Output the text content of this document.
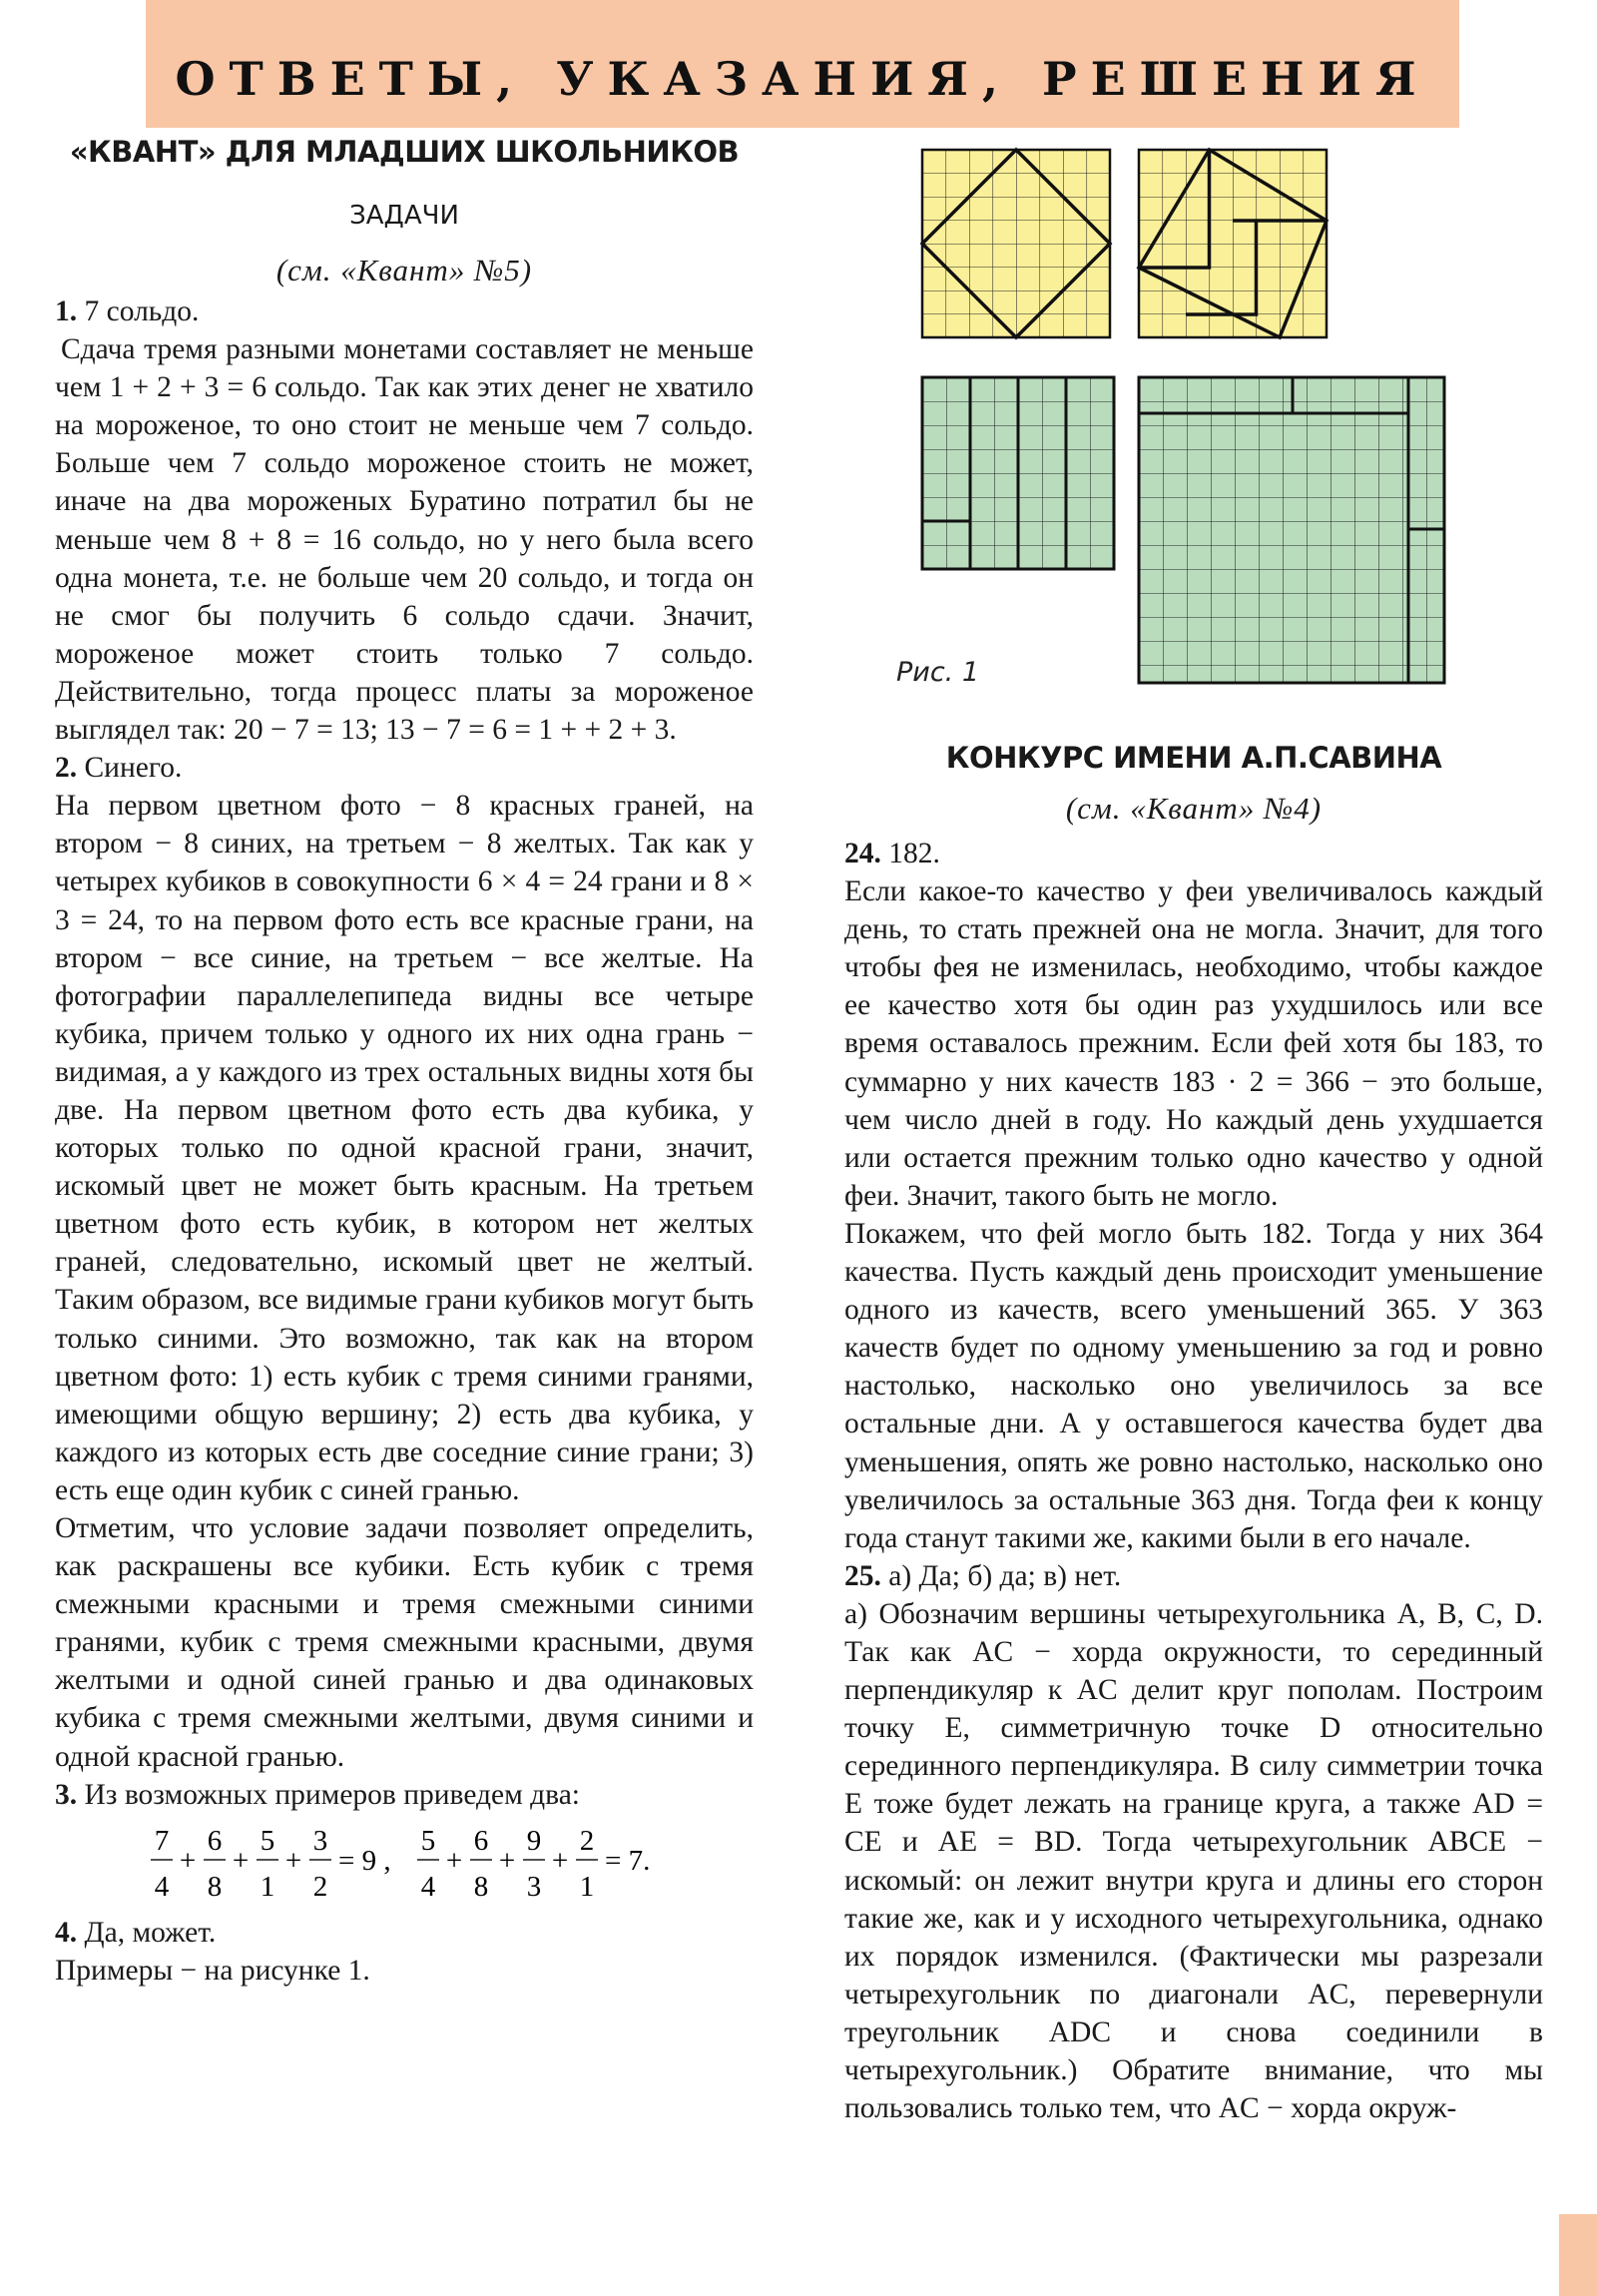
ОТВЕТЫ, УКАЗАНИЯ, РЕШЕНИЯ
«КВАНТ» ДЛЯ МЛАДШИХ ШКОЛЬНИКОВ
ЗАДАЧИ
(см. «Квант» №5)

1. 7 сольдо.

Сдача тремя разными монетами составляет не меньше чем 1 + 2 + 3 = 6 сольдо. Так как этих денег не хватило на мороженое, то оно стоит не меньше чем 7 сольдо. Больше чем 7 сольдо мороженое стоить не может, иначе на два мороженых Буратино потратил бы не меньше чем 8 + 8 = 16 сольдо, но у него была всего одна монета, т.е. не больше чем 20 сольдо, и тогда он не смог бы получить 6 сольдо сдачи. Значит, мороженое может стоить только 7 сольдо. Действительно, тогда процесс платы за мороженое выглядел так: 20 − 7 = 13; 13 − 7 = 6 = 1 + + 2 + 3.

2. Синего.

На первом цветном фото − 8 красных граней, на втором − 8 синих, на третьем − 8 желтых. Так как у четырех кубиков в совокупности 6 × 4 = 24 грани и 8 × 3 = 24, то на первом фото есть все красные грани, на втором − все синие, на третьем − все желтые. На фотографии параллелепипеда видны все четыре кубика, причем только у одного их них одна грань − видимая, а у каждого из трех остальных видны хотя бы две. На первом цветном фото есть два кубика, у которых только по одной красной грани, значит, искомый цвет не может быть красным. На третьем цветном фото есть кубик, в котором нет желтых граней, следовательно, искомый цвет не желтый. Таким образом, все видимые грани кубиков могут быть только синими. Это возможно, так как на втором цветном фото: 1) есть кубик с тремя синими гранями, имеющими общую вершину; 2) есть два кубика, у каждого из которых есть две соседние синие грани; 3) есть еще один кубик с синей гранью.

Отметим, что условие задачи позволяет определить, как раскрашены все кубики. Есть кубик с тремя смежными красными и тремя смежными синими гранями, кубик с тремя смежными красными, двумя желтыми и одной синей гранью и два одинаковых кубика с тремя смежными желтыми, двумя синими и одной красной гранью.

3. Из возможных примеров приведем два:

7
4
+
6
8
+
5
1
+
3
2
= 9 ,
5
4
+
6
8
+
9
3
+
2
1
= 7.

4. Да, может.

Примеры − на рисунке 1.

Рис. 1
КОНКУРС ИМЕНИ А.П.САВИНА
(см. «Квант» №4)

24. 182.

Если какое-то качество у феи увеличивалось каждый день, то стать прежней она не могла. Значит, для того чтобы фея не изменилась, необходимо, чтобы каждое ее качество хотя бы один раз ухудшилось или все время оставалось прежним. Если фей хотя бы 183, то суммарно у них качеств 183 · 2 = 366 − это больше, чем число дней в году. Но каждый день ухудшается или остается прежним только одно качество у одной феи. Значит, такого быть не могло.

Покажем, что фей могло быть 182. Тогда у них 364 качества. Пусть каждый день происходит уменьшение одного из качеств, всего уменьшений 365. У 363 качеств будет по одному уменьшению за год и ровно настолько, насколько оно увеличилось за все остальные дни. А у оставшегося качества будет два уменьшения, опять же ровно настолько, насколько оно увеличилось за остальные 363 дня. Тогда феи к концу года станут такими же, какими были в его начале.

25. а) Да; б) да; в) нет.

а) Обозначим вершины четырехугольника A, B, C, D. Так как AC − хорда окружности, то серединный перпендикуляр к AC делит круг пополам. Построим точку E, симметричную точке D относительно серединного перпендикуляра. В силу симметрии точка E тоже будет лежать на границе круга, а также AD = CE и AE = BD. Тогда четырехугольник ABCE − искомый: он лежит внутри круга и длины его сторон такие же, как и у исходного четырехугольника, однако их порядок изменился. (Фактически мы разрезали четырехугольник по диагонали AC, перевернули треугольник ADC и снова соединили в четырехугольник.) Обратите внимание, что мы пользовались только тем, что AC − хорда окруж-
